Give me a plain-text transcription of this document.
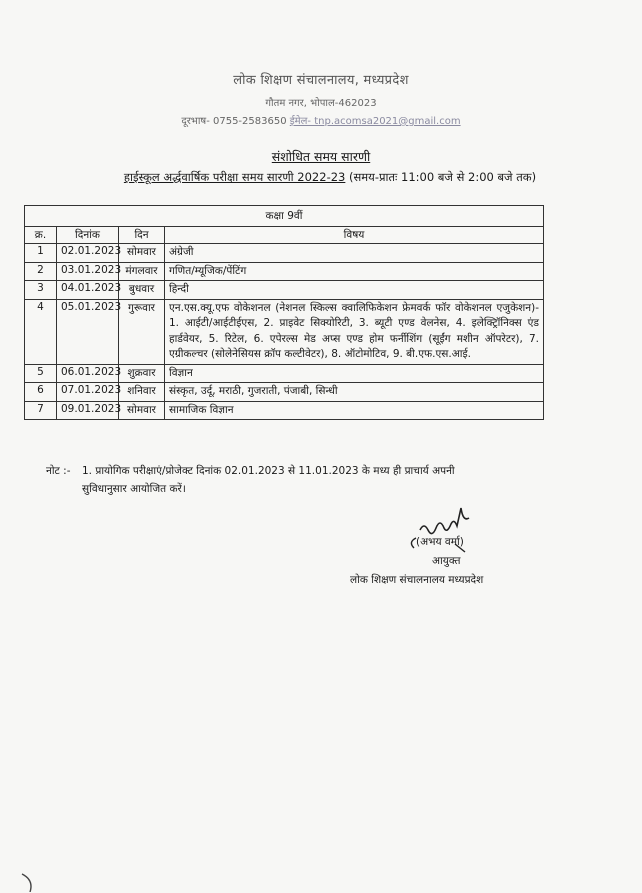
लोक शिक्षण संचालनालय, मध्यप्रदेश
गौतम नगर, भोपाल-462023
दूरभाष- 0755-2583650 ईमेल- tnp.acomsa2021@gmail.com
संशोधित समय सारणी
हाईस्कूल अर्द्धवार्षिक परीक्षा समय सारणी 2022-23 (समय-प्रातः 11:00 बजे से 2:00 बजे तक)
कक्षा 9वीं			
क्र.	दिनांक	दिन	विषय
1	02.01.2023	सोमवार	अंग्रेजी
2	03.01.2023	मंगलवार	गणित/म्यूजिक/पेंटिंग
3	04.01.2023	बुधवार	हिन्दी
4	05.01.2023	गुरूवार	एन.एस.क्यू.एफ वोकेशनल (नेशनल स्किल्स क्वालिफिकेशन फ्रेमवर्क फॉर वोकेशनल एजुकेशन)- 1. आईटी/आईटीईएस, 2. प्राइवेट सिक्योरिटी, 3. ब्यूटी एण्ड वेलनेस, 4. इलेक्ट्रिॉनिक्स एंड हार्डवेयर, 5. रिटेल, 6. एपेरल्स मेड अप्स एण्ड होम फर्नीशिंग (सूईंग मशीन ऑपरेटर), 7. एग्रीकल्चर (सोलेनेसियस क्रॉप कल्टीवेटर), 8. ऑटोमोटिव, 9. बी.एफ.एस.आई.
5	06.01.2023	शुक्रवार	विज्ञान
6	07.01.2023	शनिवार	संस्कृत, उर्दू, मराठी, गुजराती, पंजाबी, सिन्धी
7	09.01.2023	सोमवार	सामाजिक विज्ञान
नोट :- 1. प्रायोगिक परीक्षाएं/प्रोजेक्ट दिनांक 02.01.2023 से 11.01.2023 के मध्य ही प्राचार्य अपनी
सुविधानुसार आयोजित करें।
(अभय वर्मा)
आयुक्त
लोक शिक्षण संचालनालय मध्यप्रदेश
